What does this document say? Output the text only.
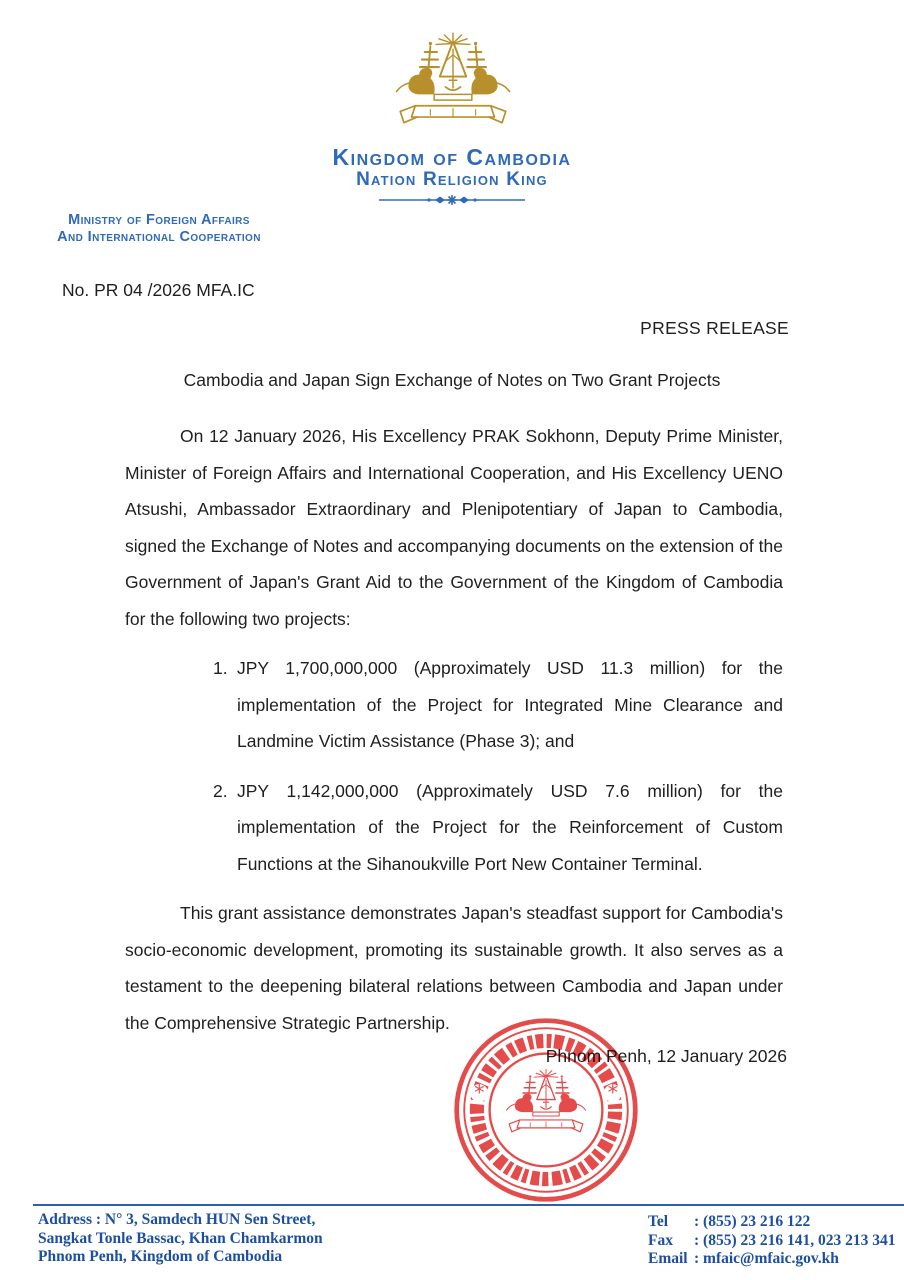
Kingdom of Cambodia
Nation Religion King
Ministry of Foreign Affairs
And International Cooperation
No. PR 04 /2026 MFA.IC
PRESS RELEASE
Cambodia and Japan Sign Exchange of Notes on Two Grant Projects

On 12 January 2026, His Excellency PRAK Sokhonn, Deputy Prime Minister, Minister of Foreign Affairs and International Cooperation, and His Excellency UENO Atsushi, Ambassador Extraordinary and Plenipotentiary of Japan to Cambodia, signed the Exchange of Notes and accompanying documents on the extension of the Government of Japan's Grant Aid to the Government of the Kingdom of Cambodia for the following two projects:

1. JPY 1,700,000,000 (Approximately USD 11.3 million) for the implementation of the Project for Integrated Mine Clearance and Landmine Victim Assistance (Phase 3); and
2. JPY 1,142,000,000 (Approximately USD 7.6 million) for the implementation of the Project for the Reinforcement of Custom Functions at the Sihanoukville Port New Container Terminal.

This grant assistance demonstrates Japan's steadfast support for Cambodia's socio-economic development, promoting its sustainable growth. It also serves as a testament to the deepening bilateral relations between Cambodia and Japan under the Comprehensive Strategic Partnership.

Phnom Penh, 12 January 2026
*	*
Address : N° 3, Samdech HUN Sen Street,
Sangkat Tonle Bassac, Khan Chamkarmon
Phnom Penh, Kingdom of Cambodia
Tel	: (855) 23 216 122
Fax	: (855) 23 216 141, 023 213 341
Email : mfaic@mfaic.gov.kh
